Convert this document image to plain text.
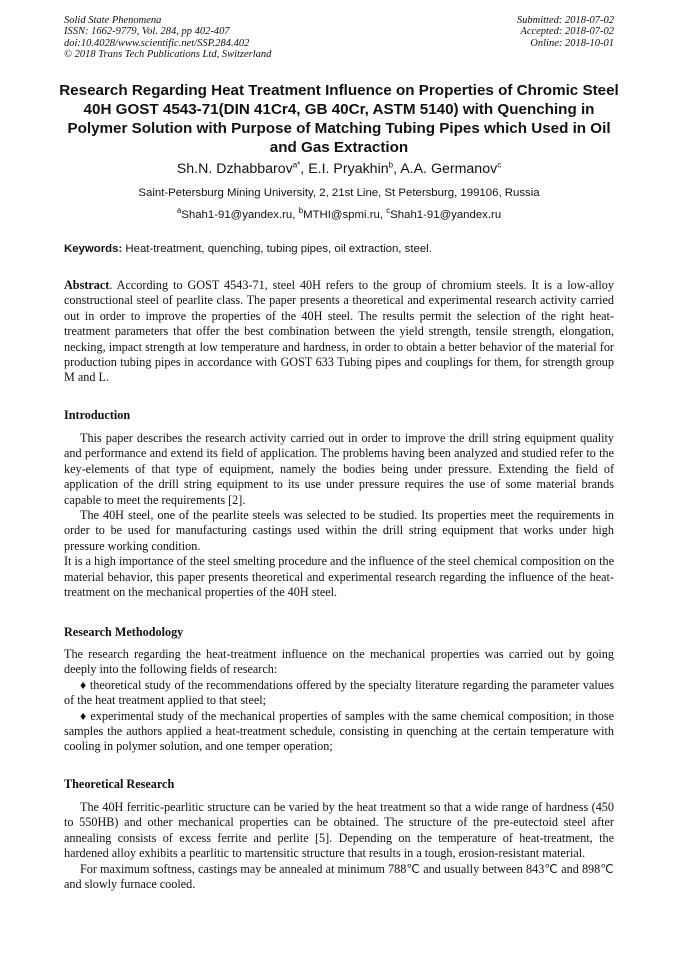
Solid State Phenomena
ISSN: 1662-9779, Vol. 284, pp 402-407
doi:10.4028/www.scientific.net/SSP.284.402
© 2018 Trans Tech Publications Ltd, Switzerland
Submitted: 2018-07-02
Accepted: 2018-07-02
Online: 2018-10-01
Research Regarding Heat Treatment Influence on Properties of Chromic Steel 40H GOST 4543-71(DIN 41Cr4, GB 40Cr, ASTM 5140) with Quenching in Polymer Solution with Purpose of Matching Tubing Pipes which Used in Oil and Gas Extraction
Sh.N. Dzhabbarov$^{a*}$, E.I. Pryakhin$^b$, A.A. Germanov$^c$
Saint-Petersburg Mining University, 2, 21st Line, St Petersburg, 199106, Russia
$^a$Shah1-91@yandex.ru, $^b$MTHI@spmi.ru, $^c$Shah1-91@yandex.ru
Keywords: Heat-treatment, quenching, tubing pipes, oil extraction, steel.
Abstract. According to GOST 4543-71, steel 40H refers to the group of chromium steels. It is a low-alloy constructional steel of pearlite class. The paper presents a theoretical and experimental research activity carried out in order to improve the properties of the 40H steel. The results permit the selection of the right heat-treatment parameters that offer the best combination between the yield strength, tensile strength, elongation, necking, impact strength at low temperature and hardness, in order to obtain a better behavior of the material for production tubing pipes in accordance with GOST 633 Tubing pipes and couplings for them, for strength group M and L.
Introduction

This paper describes the research activity carried out in order to improve the drill string equipment quality and performance and extend its field of application. The problems having been analyzed and studied refer to the key-elements of that type of equipment, namely the bodies being under pressure. Extending the field of application of the drill string equipment to its use under pressure requires the use of some material brands capable to meet the requirements [2].

The 40H steel, one of the pearlite steels was selected to be studied. Its properties meet the requirements in order to be used for manufacturing castings used within the drill string equipment that works under high pressure working condition.

It is a high importance of the steel smelting procedure and the influence of the steel chemical composition on the material behavior, this paper presents theoretical and experimental research regarding the influence of the heat-treatment on the mechanical properties of the 40H steel.

Research Methodology

The research regarding the heat-treatment influence on the mechanical properties was carried out by going deeply into the following fields of research:

♦ theoretical study of the recommendations offered by the specialty literature regarding the parameter values of the heat treatment applied to that steel;

♦ experimental study of the mechanical properties of samples with the same chemical composition; in those samples the authors applied a heat-treatment schedule, consisting in quenching at the certain temperature with cooling in polymer solution, and one temper operation;

Theoretical Research

The 40H ferritic-pearlitic structure can be varied by the heat treatment so that a wide range of hardness (450 to 550HB) and other mechanical properties can be obtained. The structure of the pre-eutectoid steel after annealing consists of excess ferrite and perlite [5]. Depending on the temperature of heat-treatment, the hardened alloy exhibits a pearlitic to martensitic structure that results in a tough, erosion-resistant material.

For maximum softness, castings may be annealed at minimum 788℃ and usually between 843℃ and 898℃ and slowly furnace cooled.
